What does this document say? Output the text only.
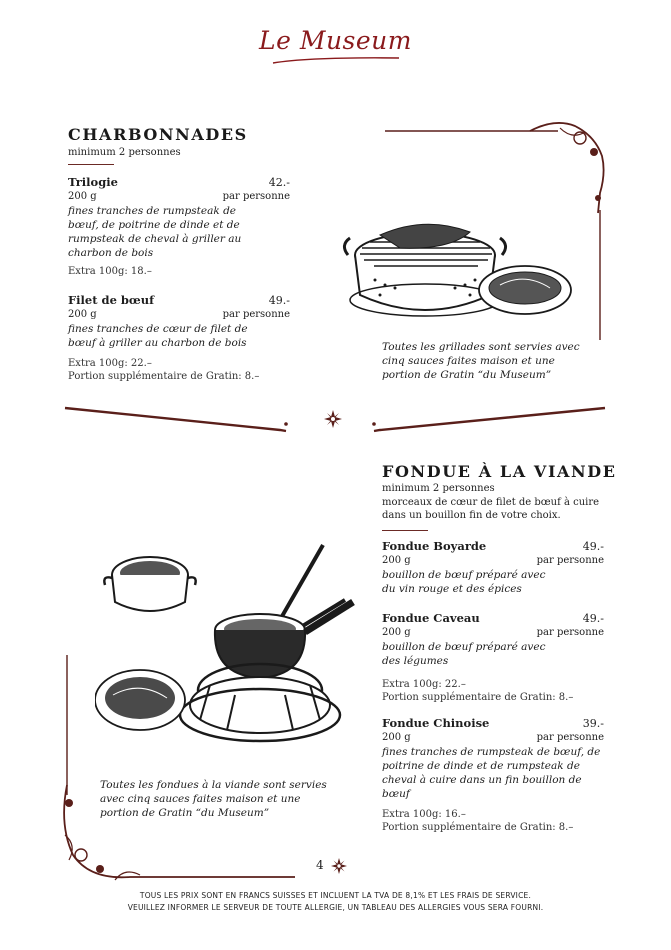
Le Museum
CHARBONNADES
minimum 2 personnes
Trilogie	42.-
200 g	par personne
fines tranches de rumpsteak de bœuf, de poitrine de dinde et de rumpsteak de cheval à griller au charbon de bois
Extra 100g: 18.–
Filet de bœuf	49.-
200 g	par personne
fines tranches de cœur de filet de bœuf à griller au charbon de bois
Extra 100g: 22.–
Portion supplémentaire de Gratin: 8.–
Toutes les grillades sont servies avec cinq sauces faites maison et une portion de Gratin “du Museum”
FONDUE À LA VIANDE
minimum 2 personnes
morceaux de cœur de filet de bœuf à cuire dans un bouillon fin de votre choix.
Fondue Boyarde	49.-
200 g	par personne
bouillon de bœuf préparé avec du vin rouge et des épices
Fondue Caveau	49.-
200 g	par personne
bouillon de bœuf préparé avec des légumes
Extra 100g: 22.–
Portion supplémentaire de Gratin: 8.–
Fondue Chinoise	39.-
200 g	par personne
fines tranches de rumpsteak de bœuf, de poitrine de dinde et de rumpsteak de cheval à cuire dans un fin bouillon de bœuf
Extra 100g: 16.–
Portion supplémentaire de Gratin: 8.–
Toutes les fondues à la viande sont servies avec cinq sauces faites maison et une portion de Gratin “du Museum”
4
TOUS LES PRIX SONT EN FRANCS SUISSES ET INCLUENT LA TVA DE 8,1% ET LES FRAIS DE SERVICE.
VEUILLEZ INFORMER LE SERVEUR DE TOUTE ALLERGIE, UN TABLEAU DES ALLERGIES VOUS SERA FOURNI.
